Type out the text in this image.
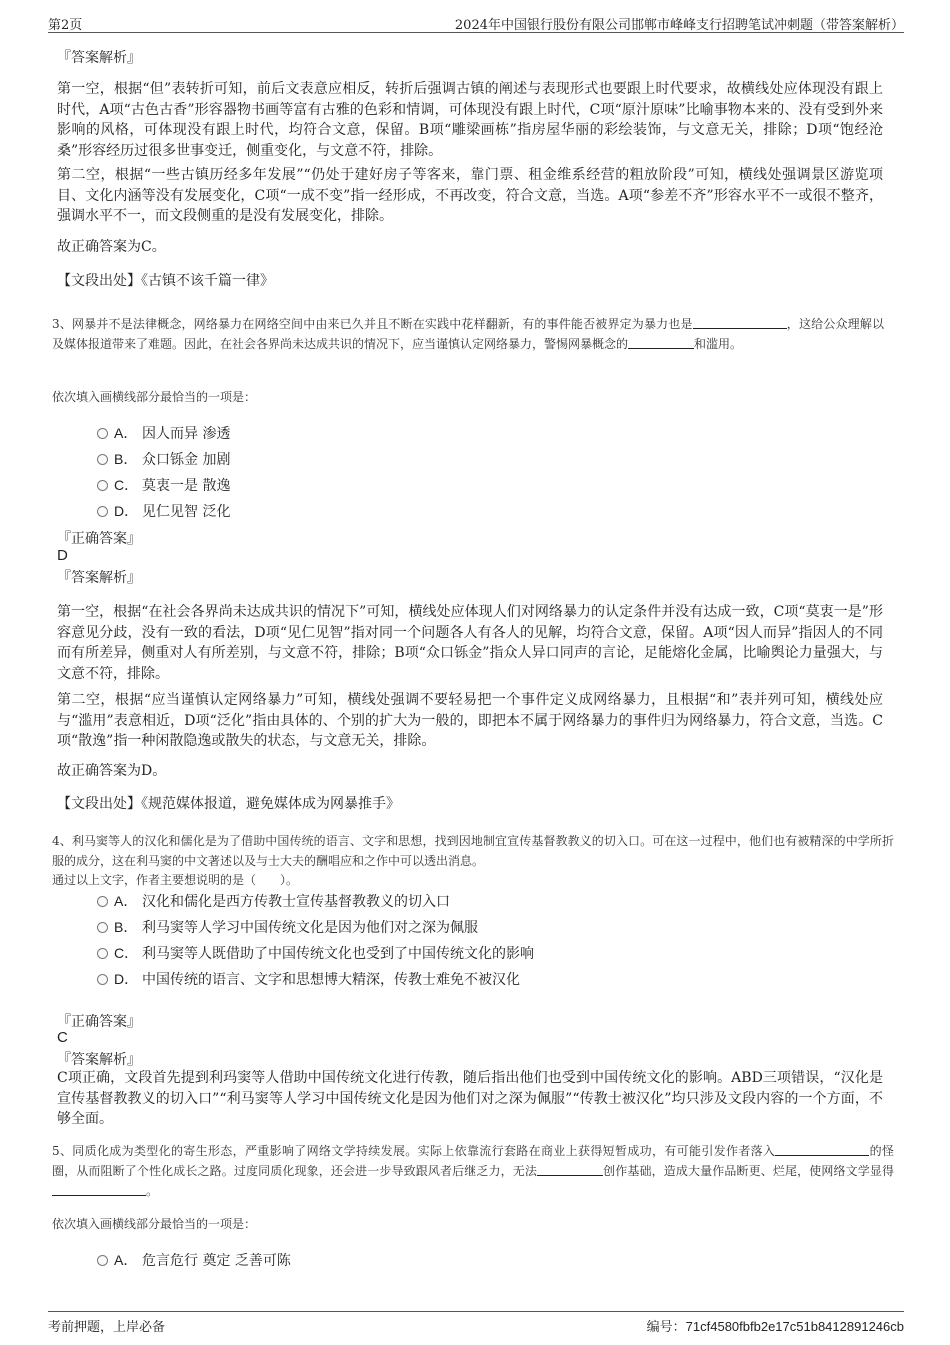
第2页	2024年中国银行股份有限公司邯郸市峰峰支行招聘笔试冲刺题（带答案解析）
『答案解析』

第一空，根据“但”表转折可知，前后文表意应相反，转折后强调古镇的阐述与表现形式也要跟上时代要求，故横线处应体现没有跟上时代，A项“古色古香”形容器物书画等富有古雅的色彩和情调，可体现没有跟上时代，C项“原汁原味”比喻事物本来的、没有受到外来影响的风格，可体现没有跟上时代，均符合文意，保留。B项“雕梁画栋”指房屋华丽的彩绘装饰，与文意无关，排除；D项“饱经沧桑”形容经历过很多世事变迁，侧重变化，与文意不符，排除。

第二空，根据“一些古镇历经多年发展”“仍处于建好房子等客来，靠门票、租金维系经营的粗放阶段”可知，横线处强调景区游览项目、文化内涵等没有发展变化，C项“一成不变”指一经形成，不再改变，符合文意，当选。A项“参差不齐”形容水平不一或很不整齐，强调水平不一，而文段侧重的是没有发展变化，排除。

故正确答案为C。
【文段出处】《古镇不该千篇一律》

3、网暴并不是法律概念，网络暴力在网络空间中由来已久并且不断在实践中花样翻新，有的事件能否被界定为暴力也是	，这给公众理解以及媒体报道带来了难题。因此，在社会各界尚未达成共识的情况下，应当谨慎认定网络暴力，警惕网暴概念的	和滥用。

依次填入画横线部分最恰当的一项是：
A． 因人而异 渗透
B． 众口铄金 加剧
C． 莫衷一是 散逸
D． 见仁见智 泛化
『正确答案』
D
『答案解析』

第一空，根据“在社会各界尚未达成共识的情况下”可知，横线处应体现人们对网络暴力的认定条件并没有达成一致，C项“莫衷一是”形容意见分歧，没有一致的看法，D项“见仁见智”指对同一个问题各人有各人的见解，均符合文意，保留。A项“因人而异”指因人的不同而有所差异，侧重对人有所差别，与文意不符，排除；B项“众口铄金”指众人异口同声的言论，足能熔化金属，比喻舆论力量强大，与文意不符，排除。

第二空，根据“应当谨慎认定网络暴力”可知，横线处强调不要轻易把一个事件定义成网络暴力，且根据“和”表并列可知，横线处应与“滥用”表意相近，D项“泛化”指由具体的、个别的扩大为一般的，即把本不属于网络暴力的事件归为网络暴力，符合文意，当选。C项“散逸”指一种闲散隐逸或散失的状态，与文意无关，排除。

故正确答案为D。
【文段出处】《规范媒体报道，避免媒体成为网暴推手》

4、利马窦等人的汉化和儒化是为了借助中国传统的语言、文字和思想，找到因地制宜宣传基督教教义的切入口。可在这一过程中，他们也有被精深的中学所折服的成分，这在利马窦的中文著述以及与士大夫的酬唱应和之作中可以透出消息。

通过以上文字，作者主要想说明的是（　　）。
A． 汉化和儒化是西方传教士宣传基督教教义的切入口
B． 利马窦等人学习中国传统文化是因为他们对之深为佩服
C． 利马窦等人既借助了中国传统文化也受到了中国传统文化的影响
D． 中国传统的语言、文字和思想博大精深，传教士难免不被汉化
『正确答案』
C
『答案解析』

C项正确，文段首先提到利玛窦等人借助中国传统文化进行传教，随后指出他们也受到中国传统文化的影响。ABD三项错误，“汉化是宣传基督教教义的切入口”“利马窦等人学习中国传统文化是因为他们对之深为佩服”“传教士被汉化”均只涉及文段内容的一个方面，不够全面。

5、同质化成为类型化的寄生形态，严重影响了网络文学持续发展。实际上依靠流行套路在商业上获得短暂成功，有可能引发作者落入	的怪圈，从而阻断了个性化成长之路。过度同质化现象，还会进一步导致跟风者后继乏力，无法	创作基础，造成大量作品断更、烂尾，使网络文学显得。

依次填入画横线部分最恰当的一项是：
A． 危言危行 奠定 乏善可陈
考前押题，上岸必备	编号：71cf4580fbfb2e17c51b8412891246cb
